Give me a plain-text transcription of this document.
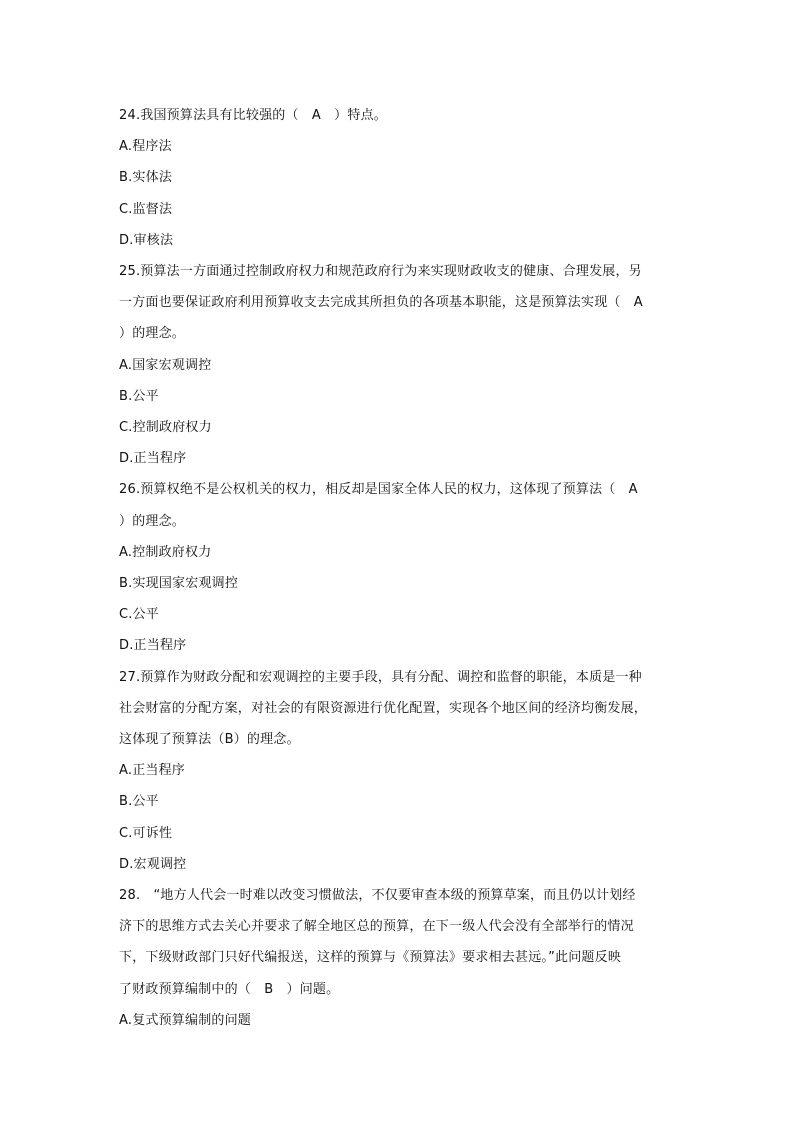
24.我国预算法具有比较强的（　A　）特点。
A.程序法
B.实体法
C.监督法
D.审核法
25.预算法一方面通过控制政府权力和规范政府行为来实现财政收支的健康、合理发展，另
一方面也要保证政府利用预算收支去完成其所担负的各项基本职能，这是预算法实现（　A
）的理念。
A.国家宏观调控
B.公平
C.控制政府权力
D.正当程序
26.预算权绝不是公权机关的权力，相反却是国家全体人民的权力，这体现了预算法（　A
）的理念。
A.控制政府权力
B.实现国家宏观调控
C.公平
D.正当程序
27.预算作为财政分配和宏观调控的主要手段，具有分配、调控和监督的职能，本质是一种
社会财富的分配方案，对社会的有限资源进行优化配置，实现各个地区间的经济均衡发展，
这体现了预算法（B）的理念。
A.正当程序
B.公平
C.可诉性
D.宏观调控
28.　“地方人代会一时难以改变习惯做法，不仅要审查本级的预算草案，而且仍以计划经
济下的思维方式去关心并要求了解全地区总的预算，在下一级人代会没有全部举行的情况
下，下级财政部门只好代编报送，这样的预算与《预算法》要求相去甚远。”此问题反映
了财政预算编制中的（　B　）问题。
A.复式预算编制的问题
